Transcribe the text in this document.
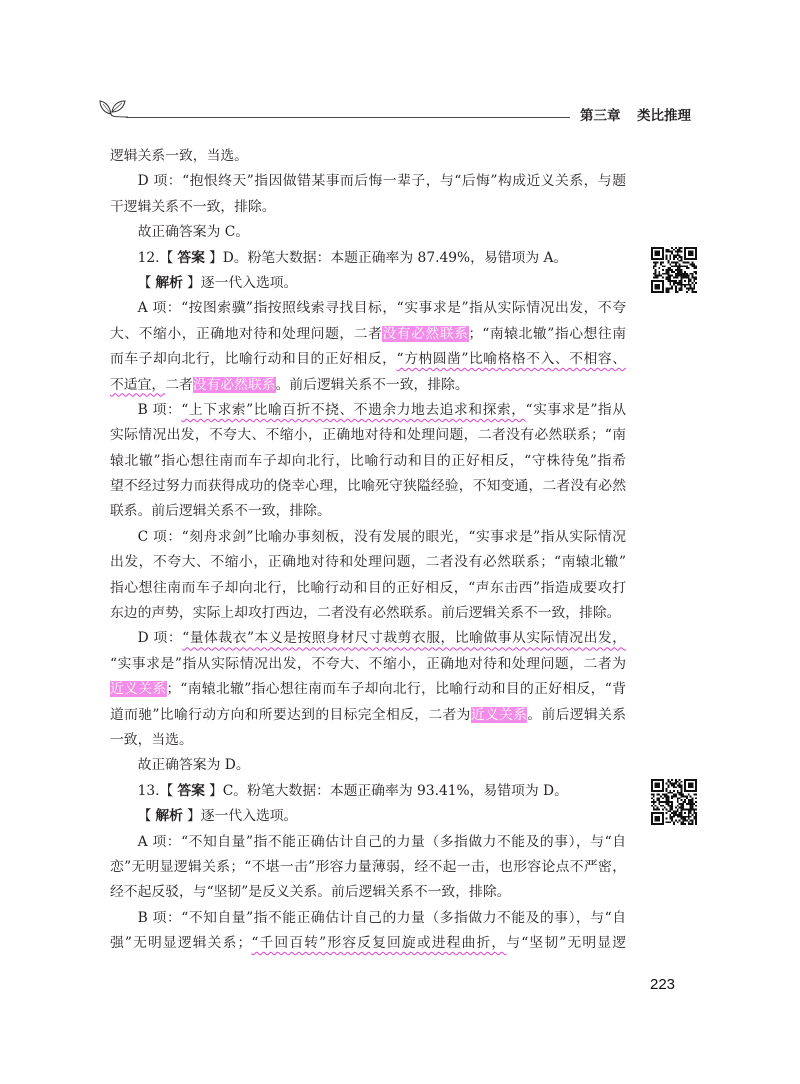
第三章 类比推理
逻辑关系一致，当选。
D 项：“抱恨终天”指因做错某事而后悔一辈子，与“后悔”构成近义关系，与题
干逻辑关系不一致，排除。
故正确答案为 C。
12.【 答案 】D。粉笔大数据：本题正确率为 87.49%，易错项为 A。
【 解析 】逐一代入选项。
A 项：“按图索骥”指按照线索寻找目标，“实事求是”指从实际情况出发，不夸
大、不缩小，正确地对待和处理问题，二者没有必然联系；“南辕北辙”指心想往南
而车子却向北行，比喻行动和目的正好相反，“方枘圆凿”比喻格格不入、不相容、
不适宜，二者没有必然联系。前后逻辑关系不一致，排除。
B 项：“上下求索”比喻百折不挠、不遗余力地去追求和探索，“实事求是”指从
实际情况出发，不夸大、不缩小，正确地对待和处理问题，二者没有必然联系；“南
辕北辙”指心想往南而车子却向北行，比喻行动和目的正好相反，“守株待兔”指希
望不经过努力而获得成功的侥幸心理，比喻死守狭隘经验，不知变通，二者没有必然
联系。前后逻辑关系不一致，排除。
C 项：“刻舟求剑”比喻办事刻板，没有发展的眼光，“实事求是”指从实际情况
出发，不夸大、不缩小，正确地对待和处理问题，二者没有必然联系；“南辕北辙”
指心想往南而车子却向北行，比喻行动和目的正好相反，“声东击西”指造成要攻打
东边的声势，实际上却攻打西边，二者没有必然联系。前后逻辑关系不一致，排除。
D 项：“量体裁衣”本义是按照身材尺寸裁剪衣服，比喻做事从实际情况出发，
“实事求是”指从实际情况出发，不夸大、不缩小，正确地对待和处理问题，二者为
近义关系；“南辕北辙”指心想往南而车子却向北行，比喻行动和目的正好相反，“背
道而驰”比喻行动方向和所要达到的目标完全相反，二者为近义关系。前后逻辑关系
一致，当选。
故正确答案为 D。
13.【 答案 】C。粉笔大数据：本题正确率为 93.41%，易错项为 D。
【 解析 】逐一代入选项。
A 项：“不知自量”指不能正确估计自己的力量（多指做力不能及的事），与“自
恋”无明显逻辑关系；“不堪一击”形容力量薄弱，经不起一击，也形容论点不严密，
经不起反驳，与“坚韧”是反义关系。前后逻辑关系不一致，排除。
B 项：“不知自量”指不能正确估计自己的力量（多指做力不能及的事），与“自
强”无明显逻辑关系；“千回百转”形容反复回旋或进程曲折，与“坚韧”无明显逻
223
